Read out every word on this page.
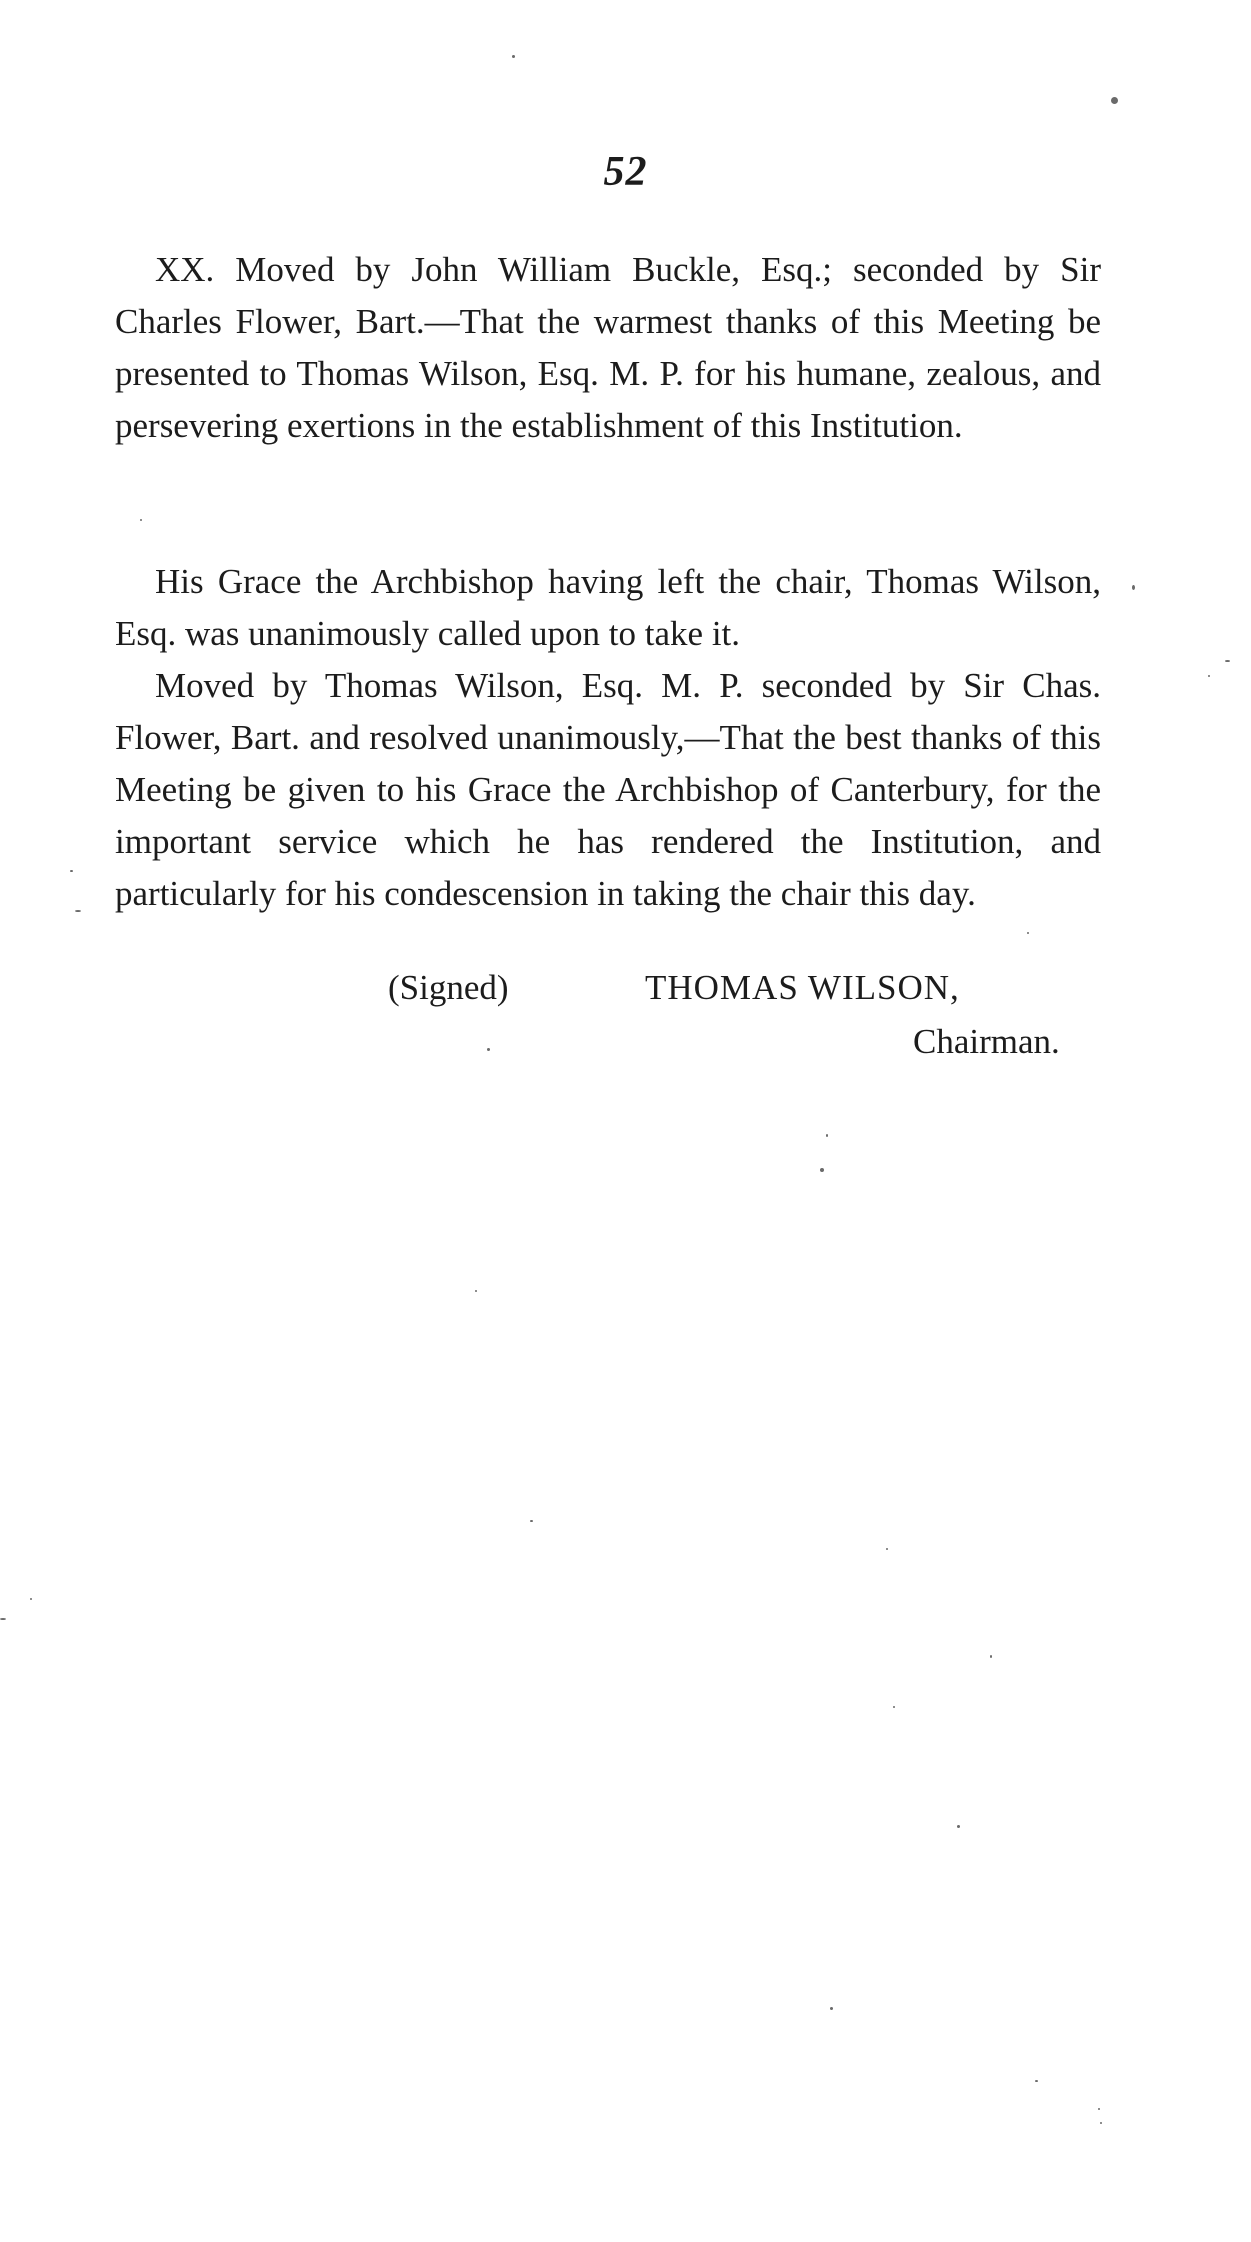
52

XX. Moved by John William Buckle, Esq.; seconded by Sir Charles Flower, Bart.—That the warmest thanks of this Meeting be presented to Thomas Wilson, Esq. M. P. for his humane, zealous, and persevering exertions in the establishment of this Institution.

His Grace the Archbishop having left the chair, Thomas Wilson, Esq. was unanimously called upon to take it.

Moved by Thomas Wilson, Esq. M. P. seconded by Sir Chas. Flower, Bart. and resolved unanimously,—That the best thanks of this Meeting be given to his Grace the Archbishop of Canterbury, for the important service which he has rendered the Institution, and particularly for his condescension in taking the chair this day.

(Signed)	THOMAS WILSON,
Chairman.
